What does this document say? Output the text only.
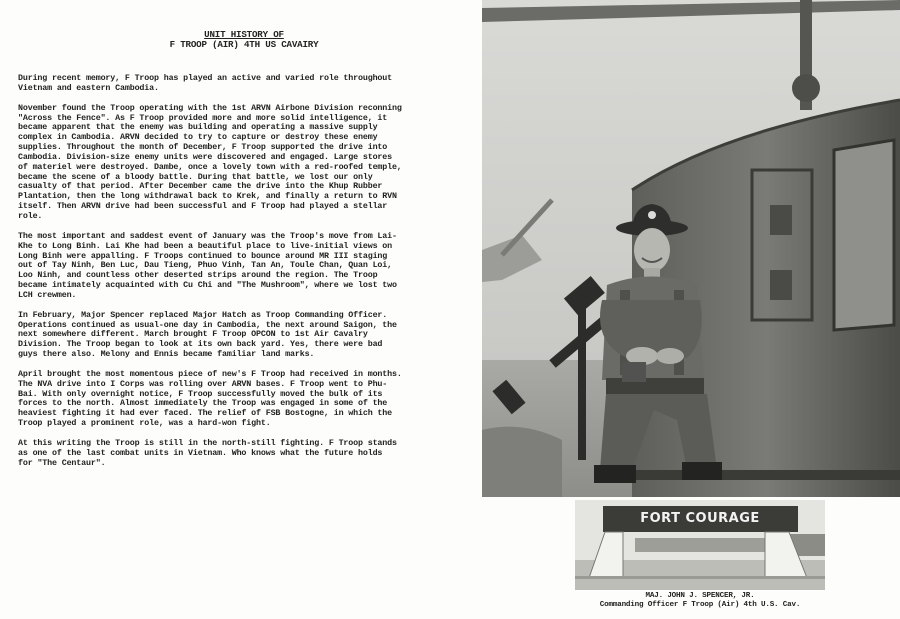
UNIT HISTORY OF
F TROOP (AIR) 4TH US CAVAIRY

During recent memory, F Troop has played an active and varied role throughout
Vietnam and eastern Cambodia.

November found the Troop operating with the 1st ARVN Airbone Division reconning
"Across the Fence". As F Troop provided more and more solid intelligence, it
became apparent that the enemy was building and operating a massive supply
complex in Cambodia. ARVN decided to try to capture or destroy these enemy
supplies. Throughout the month of December, F Troop supported the drive into
Cambodia. Division-size enemy units were discovered and engaged. Large stores
of materiel were destroyed. Dambe, once a lovely town with a red-roofed temple,
became the scene of a bloody battle. During that battle, we lost our only
casualty of that period. After December came the drive into the Khup Rubber
Plantation, then the long withdrawal back to Krek, and finally a return to RVN
itself. Then ARVN drive had been successful and F Troop had played a stellar
role.

The most important and saddest event of January was the Troop's move from Lai-
Khe to Long Binh. Lai Khe had been a beautiful place to live-initial views on
Long Binh were appalling. F Troops continued to bounce around MR III staging
out of Tay Ninh, Ben Luc, Dau Tieng, Phuo Vinh, Tan An, Toule Chan, Quan Loi,
Loo Ninh, and countless other deserted strips around the region. The Troop
became intimately acquainted with Cu Chi and "The Mushroom", where we lost two
LCH crewmen.

In February, Major Spencer replaced Major Hatch as Troop Commanding Officer.
Operations continued as usual-one day in Cambodia, the next around Saigon, the
next somewhere different. March brought F Troop OPCON to 1st Air Cavalry
Division. The Troop began to look at its own back yard. Yes, there were bad
guys there also. Melony and Ennis became familiar land marks.

April brought the most momentous piece of new's F Troop had received in months.
The NVA drive into I Corps was rolling over ARVN bases. F Troop went to Phu-
Bai. With only overnight notice, F Troop successfully moved the bulk of its
forces to the north. Almost immediately the Troop was engaged in some of the
heaviest fighting it had ever faced. The relief of FSB Bostogne, in which the
Troop played a prominent role, was a hard-won fight.

At this writing the Troop is still in the north-still fighting. F Troop stands
as one of the last combat units in Vietnam. Who knows what the future holds
for "The Centaur".

FORT COURAGE
MAJ. JOHN J. SPENCER, JR.
Commanding Officer F Troop (Air) 4th U.S. Cav.
